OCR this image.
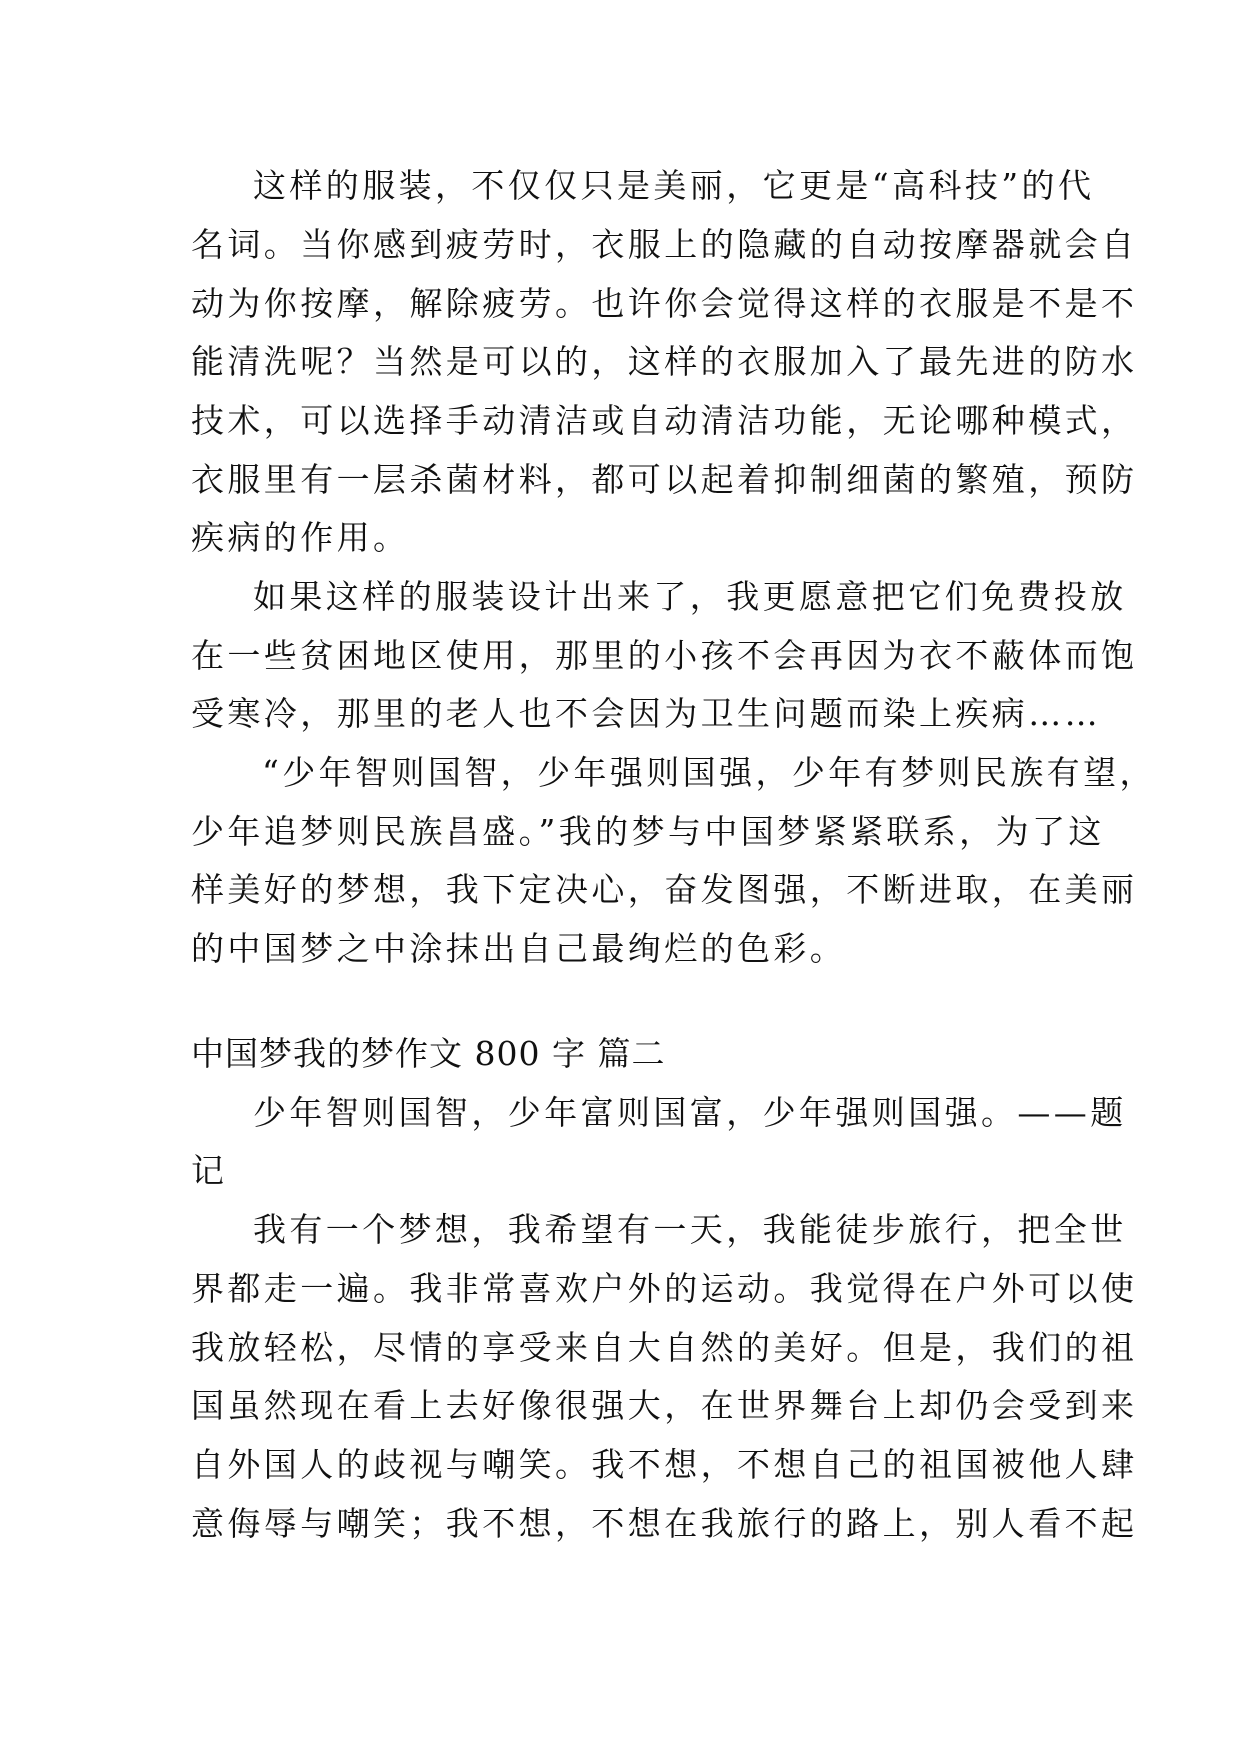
这样的服装，不仅仅只是美丽，它更是“高科技”的代
名词。当你感到疲劳时，衣服上的隐藏的自动按摩器就会自
动为你按摩，解除疲劳。也许你会觉得这样的衣服是不是不
能清洗呢？当然是可以的，这样的衣服加入了最先进的防水
技术，可以选择手动清洁或自动清洁功能，无论哪种模式，
衣服里有一层杀菌材料，都可以起着抑制细菌的繁殖，预防
疾病的作用。
如果这样的服装设计出来了，我更愿意把它们免费投放
在一些贫困地区使用，那里的小孩不会再因为衣不蔽体而饱
受寒冷，那里的老人也不会因为卫生问题而染上疾病……
“少年智则国智，少年强则国强，少年有梦则民族有望，
少年追梦则民族昌盛。”我的梦与中国梦紧紧联系，为了这
样美好的梦想，我下定决心，奋发图强，不断进取，在美丽
的中国梦之中涂抹出自己最绚烂的色彩。
中国梦我的梦作文 800 字 篇二
少年智则国智，少年富则国富，少年强则国强。——题
记
我有一个梦想，我希望有一天，我能徒步旅行，把全世
界都走一遍。我非常喜欢户外的运动。我觉得在户外可以使
我放轻松，尽情的享受来自大自然的美好。但是，我们的祖
国虽然现在看上去好像很强大，在世界舞台上却仍会受到来
自外国人的歧视与嘲笑。我不想，不想自己的祖国被他人肆
意侮辱与嘲笑；我不想，不想在我旅行的路上，别人看不起
